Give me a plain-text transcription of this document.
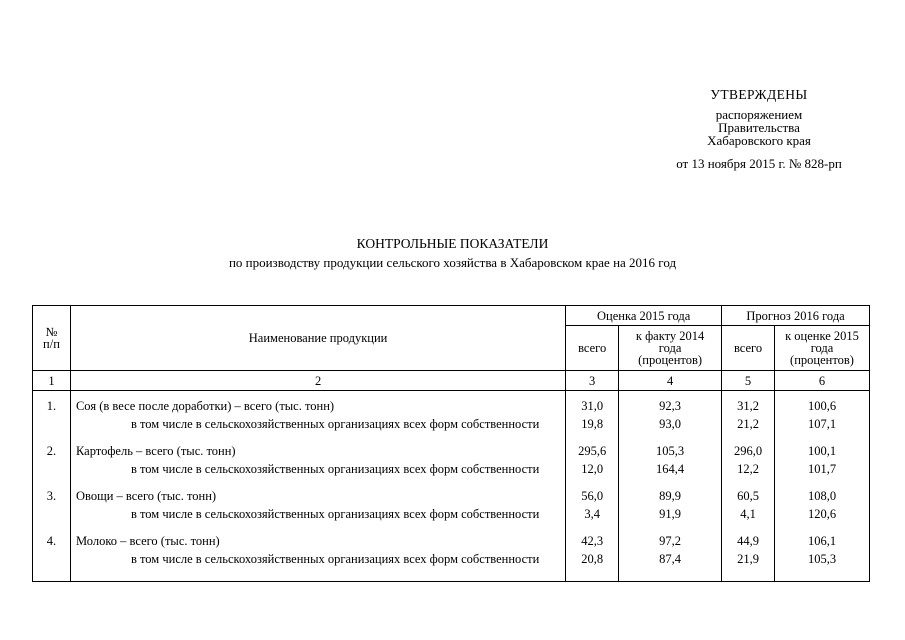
УТВЕРЖДЕНЫ
распоряжением
Правительства
Хабаровского края
от 13 ноября 2015 г. № 828-рп
КОНТРОЛЬНЫЕ ПОКАЗАТЕЛИ
по производству продукции сельского хозяйства в Хабаровском крае на 2016 год
№ п/п	Наименование продукции	Оценка 2015 года		Прогноз 2016 года	
		всего	к факту 2014 года (процентов)	всего	к оценке 2015 года (процентов)
1	2	3	4	5	6

1.	Соя (в весе после доработки) – всего (тыс. тонн)	31,0	92,3	31,2	100,6
	в том числе в сельскохозяйственных организациях всех форм собственности	19,8	93,0	21,2	107,1
2.	Картофель – всего (тыс. тонн)	295,6	105,3	296,0	100,1
	в том числе в сельскохозяйственных организациях всех форм собственности	12,0	164,4	12,2	101,7
3.	Овощи – всего (тыс. тонн)	56,0	89,9	60,5	108,0
	в том числе в сельскохозяйственных организациях всех форм собственности	3,4	91,9	4,1	120,6
4.	Молоко – всего (тыс. тонн)	42,3	97,2	44,9	106,1
	в том числе в сельскохозяйственных организациях всех форм собственности	20,8	87,4	21,9	105,3
